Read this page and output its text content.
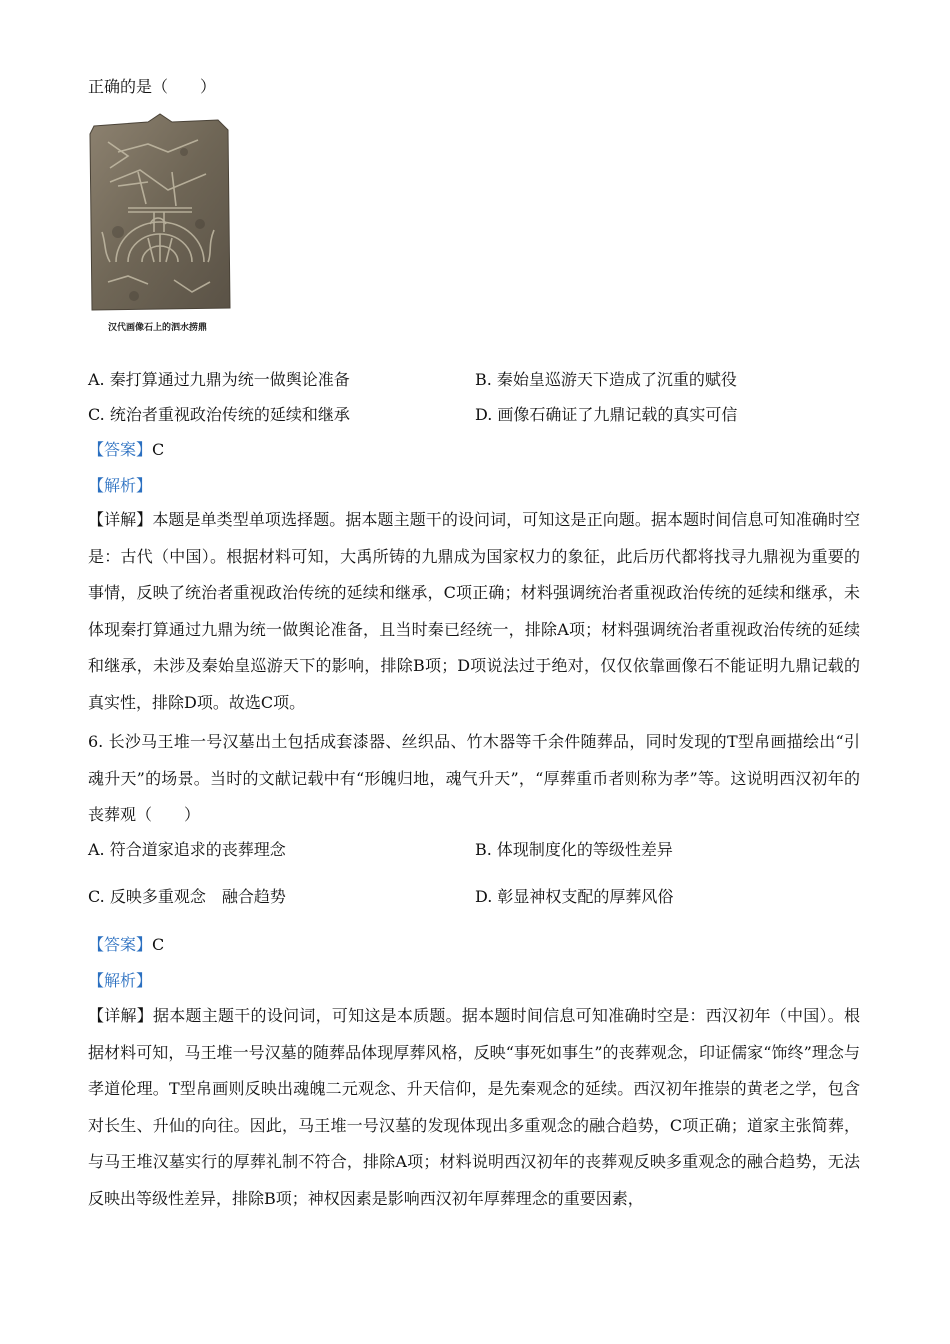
正确的是（　　）
汉代画像石上的泗水捞鼎
A. 秦打算通过九鼎为统一做舆论准备	B. 秦始皇巡游天下造成了沉重的赋役
C. 统治者重视政治传统的延续和继承	D. 画像石确证了九鼎记载的真实可信
【答案】C
【解析】
【详解】本题是单类型单项选择题。据本题主题干的设问词，可知这是正向题。据本题时间信息可知准确时空是：古代（中国）。根据材料可知，大禹所铸的九鼎成为国家权力的象征，此后历代都将找寻九鼎视为重要的事情，反映了统治者重视政治传统的延续和继承，C项正确；材料强调统治者重视政治传统的延续和继承，未体现秦打算通过九鼎为统一做舆论准备，且当时秦已经统一，排除A项；材料强调统治者重视政治传统的延续和继承，未涉及秦始皇巡游天下的影响，排除B项；D项说法过于绝对，仅仅依靠画像石不能证明九鼎记载的真实性，排除D项。故选C项。
6. 长沙马王堆一号汉墓出土包括成套漆器、丝织品、竹木器等千余件随葬品，同时发现的T型帛画描绘出“引魂升天”的场景。当时的文献记载中有“形魄归地，魂气升天”，“厚葬重币者则称为孝”等。这说明西汉初年的丧葬观（　　）
A. 符合道家追求的丧葬理念	B. 体现制度化的等级性差异
C. 反映多重观念　融合趋势	D. 彰显神权支配的厚葬风俗
【答案】C
【解析】
【详解】据本题主题干的设问词，可知这是本质题。据本题时间信息可知准确时空是：西汉初年（中国）。根据材料可知，马王堆一号汉墓的随葬品体现厚葬风格，反映“事死如事生”的丧葬观念，印证儒家“饰终”理念与孝道伦理。T型帛画则反映出魂魄二元观念、升天信仰，是先秦观念的延续。西汉初年推崇的黄老之学，包含对长生、升仙的向往。因此，马王堆一号汉墓的发现体现出多重观念的融合趋势，C项正确；道家主张简葬，与马王堆汉墓实行的厚葬礼制不符合，排除A项；材料说明西汉初年的丧葬观反映多重观念的融合趋势，无法反映出等级性差异，排除B项；神权因素是影响西汉初年厚葬理念的重要因素，
